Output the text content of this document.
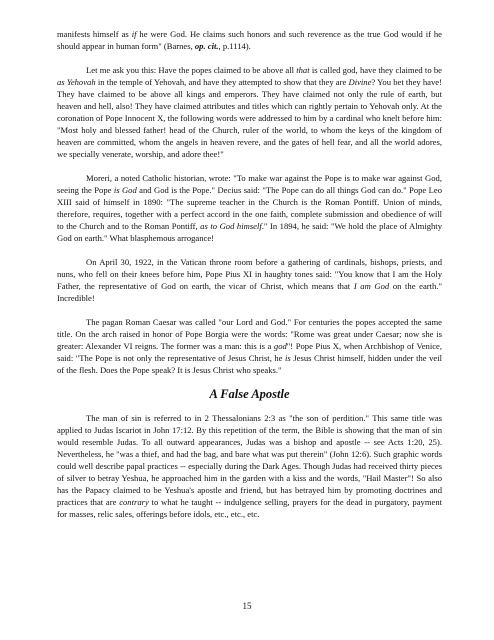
manifests himself as if he were God. He claims such honors and such reverence as the true God would if he should appear in human form" (Barnes, op. cit., p.1114).

Let me ask you this: Have the popes claimed to be above all that is called god, have they claimed to be as Yehovah in the temple of Yehovah, and have they attempted to show that they are Divine? You bet they have! They have claimed to be above all kings and emperors. They have claimed not only the rule of earth, but heaven and hell, also! They have claimed attributes and titles which can rightly pertain to Yehovah only. At the coronation of Pope Innocent X, the following words were addressed to him by a cardinal who knelt before him: "Most holy and blessed father! head of the Church, ruler of the world, to whom the keys of the kingdom of heaven are committed, whom the angels in heaven revere, and the gates of hell fear, and all the world adores, we specially venerate, worship, and adore thee!"

Moreri, a noted Catholic historian, wrote: "To make war against the Pope is to make war against God, seeing the Pope is God and God is the Pope." Decius said: "The Pope can do all things God can do." Pope Leo XIII said of himself in 1890: "The supreme teacher in the Church is the Roman Pontiff. Union of minds, therefore, requires, together with a perfect accord in the one faith, complete submission and obedience of will to the Church and to the Roman Pontiff, as to God himself." In 1894, he said: "We hold the place of Almighty God on earth." What blasphemous arrogance!

On April 30, 1922, in the Vatican throne room before a gathering of cardinals, bishops, priests, and nuns, who fell on their knees before him, Pope Pius XI in haughty tones said: "You know that I am the Holy Father, the representative of God on earth, the vicar of Christ, which means that I am God on the earth." Incredible!

The pagan Roman Caesar was called "our Lord and God." For centuries the popes accepted the same title. On the arch raised in honor of Pope Borgia were the words: "Rome was great under Caesar; now she is greater: Alexander VI reigns. The former was a man: this is a god"! Pope Pius X, when Archbishop of Venice, said: "The Pope is not only the representative of Jesus Christ, he is Jesus Christ himself, hidden under the veil of the flesh. Does the Pope speak? It is Jesus Christ who speaks."

A False Apostle

The man of sin is referred to in 2 Thessalonians 2:3 as "the son of perdition." This same title was applied to Judas Iscariot in John 17:12. By this repetition of the term, the Bible is showing that the man of sin would resemble Judas. To all outward appearances, Judas was a bishop and apostle -- see Acts 1:20, 25). Nevertheless, he "was a thief, and had the bag, and bare what was put therein" (John 12:6). Such graphic words could well describe papal practices -- especially during the Dark Ages. Though Judas had received thirty pieces of silver to betray Yeshua, he approached him in the garden with a kiss and the words, "Hail Master"! So also has the Papacy claimed to be Yeshua's apostle and friend, but has betrayed him by promoting doctrines and practices that are contrary to what he taught -- indulgence selling, prayers for the dead in purgatory, payment for masses, relic sales, offerings before idols, etc., etc., etc.

15
